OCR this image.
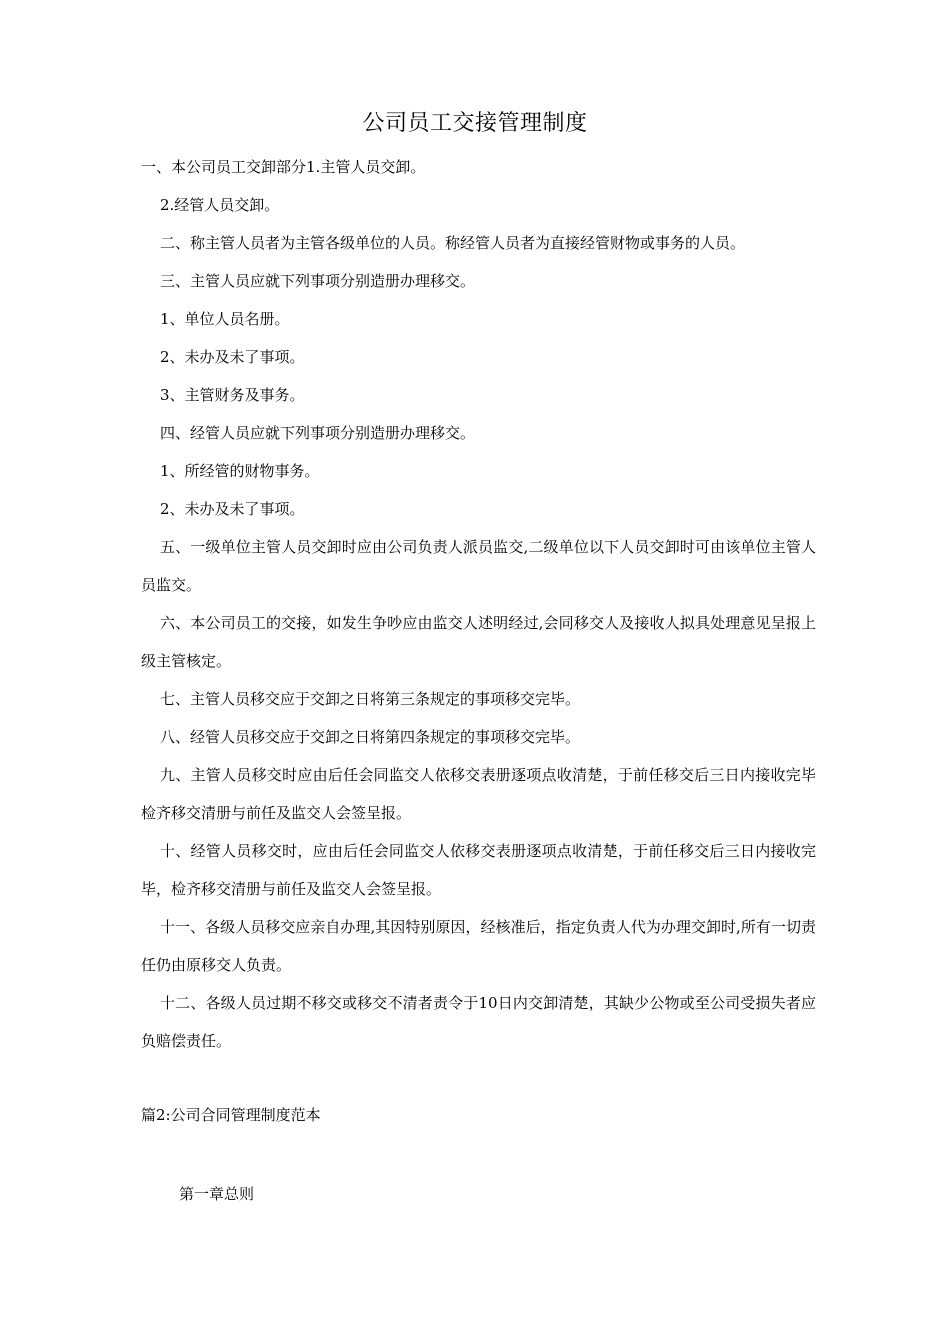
公司员工交接管理制度

一、本公司员工交卸部分1.主管人员交卸。

2.经管人员交卸。

二、称主管人员者为主管各级单位的人员。称经管人员者为直接经管财物或事务的人员。

三、主管人员应就下列事项分别造册办理移交。

1、单位人员名册。

2、未办及未了事项。

3、主管财务及事务。

四、经管人员应就下列事项分别造册办理移交。

1、所经管的财物事务。

2、未办及未了事项。

五、一级单位主管人员交卸时应由公司负责人派员监交,二级单位以下人员交卸时可由该单位主管人员监交。

六、本公司员工的交接，如发生争吵应由监交人述明经过,会同移交人及接收人拟具处理意见呈报上级主管核定。

七、主管人员移交应于交卸之日将第三条规定的事项移交完毕。

八、经管人员移交应于交卸之日将第四条规定的事项移交完毕。

九、主管人员移交时应由后任会同监交人依移交表册逐项点收清楚，于前任移交后三日内接收完毕检齐移交清册与前任及监交人会签呈报。

十、经管人员移交时，应由后任会同监交人依移交表册逐项点收清楚，于前任移交后三日内接收完毕，检齐移交清册与前任及监交人会签呈报。

十一、各级人员移交应亲自办理,其因特别原因，经核准后，指定负责人代为办理交卸时,所有一切责任仍由原移交人负责。

十二、各级人员过期不移交或移交不清者责令于10日内交卸清楚，其缺少公物或至公司受损失者应负赔偿责任。

篇2:公司合同管理制度范本
第一章总则
